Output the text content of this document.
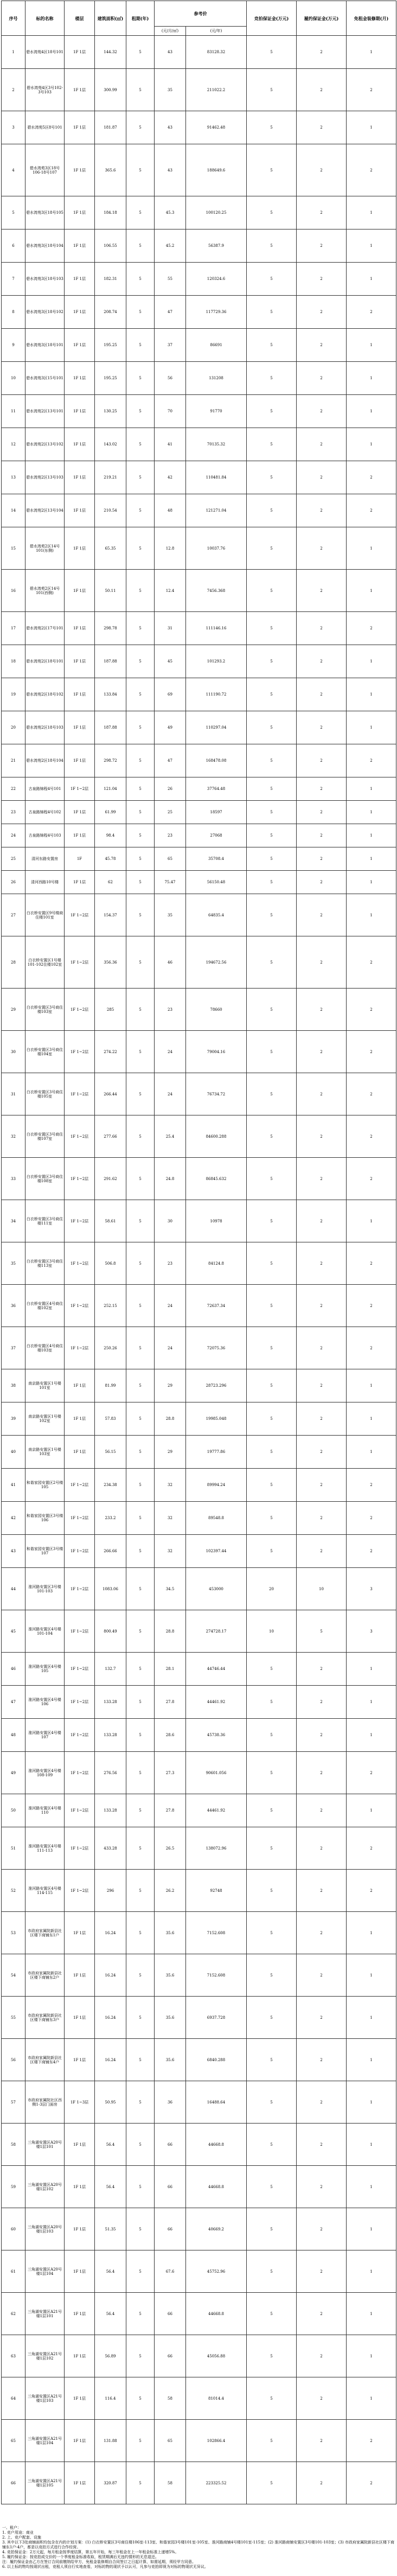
序号	标的名称	楼层	建筑面积(㎡)	租期(年)	参考价		竞拍保证金(万元)	履约保证金(万元)	免租金装修期(月)
					(元/月/㎡)	(元/年)			
1	碧水湾苑4区18号101	1F 1层	144.32	5	43	83128.32	5	2	1
2	碧水湾苑4区3号102-3号103	1F 1层	300.99	5	35	211022.2	5	2	2
3	碧水湾苑5区8号101	1F 1层	181.87	5	43	91462.48	5	2	1
4	碧水湾苑3区18号106-18号107	1F 1层	365.6	5	43	188649.6	5	2	2
5	碧水湾苑3区18号105	1F 1层	184.18	5	45.3	100120.25	5	2	1
6	碧水湾苑3区18号104	1F 1层	106.55	5	45.2	56387.9	5	2	1
7	碧水湾苑3区18号103	1F 1层	182.31	5	55	120324.6	5	2	1
8	碧水湾苑3区18号102	1F 1层	208.74	5	47	117729.36	5	2	2
9	碧水湾苑3区18号101	1F 1层	195.25	5	37	86691	5	2	1
10	碧水湾苑3区15号101	1F 1层	195.25	5	56	131208	5	2	1
11	碧水湾苑2区13号101	1F 1层	130.25	5	70	91770	5	2	1
12	碧水湾苑2区13号102	1F 1层	143.02	5	41	70135.32	5	2	1
13	碧水湾苑2区13号103	1F 1层	219.21	5	42	110481.84	5	2	2
14	碧水湾苑2区13号104	1F 1层	210.54	5	48	121271.04	5	2	2
15	碧水湾苑2区14号101(东侧)	1F 1层	65.35	5	12.8	10037.76	5	2	1
16	碧水湾苑2区14号101(西侧)	1F 1层	50.11	5	12.4	7456.368	5	2	1
17	碧水湾苑2区17号101	1F 1层	298.78	5	31	111146.16	5	2	2
18	碧水湾苑2区18号101	1F 1层	187.88	5	45	101293.2	5	2	1
19	碧水湾苑2区18号102	1F 1层	133.84	5	69	111190.72	5	2	1
20	碧水湾苑2区18号103	1F 1层	187.88	5	49	110297.04	5	2	1
21	碧水湾苑2区18号104	1F 1层	298.72	5	47	168478.08	5	2	2
22	古泉路锦程4号101	1F 1~2层	121.04	5	26	37764.48	5	2	1
23	古泉路锦程4号102	1F 1层	61.99	5	25	18597	5	2	1
24	古泉路锦程4号103	1F 1层	98.4	5	23	27068	5	2	1
25	清河东路安置房	1F	45.78	5	65	35708.4	5	2	1
26	清河西路10号楼	1F 1层	62	5	75.47	56150.48	5	2	1
27	白衣桥安置区9号楼商住楼101室	1F 1~2层	154.37	5	35	64835.4	5	2	1
28	白衣桥安置区1号楼101-102住楼102室	1F 1~2层	356.36	5	46	194672.56	5	2	2
29	白衣桥安置区3号商住楼103室	1F 1~2层	285	5	23	78660	5	2	2
30	白衣桥安置区3号商住楼104室	1F 1~2层	274.22	5	24	79004.16	5	2	2
31	白衣桥安置区3号商住楼105室	1F 1~2层	266.44	5	24	76734.72	5	2	2
32	白衣桥安置区3号商住楼107室	1F 1~2层	277.66	5	25.4	84600.288	5	2	2
33	白衣桥安置区3号商住楼108室	1F 1~2层	291.62	5	24.8	86845.632	5	2	2
34	白衣桥安置区3号商住楼111室	1F 1~2层	58.61	5	30	10978	5	2	1
35	白衣桥安置区3号商住楼113室	1F 1~2层	506.8	5	23	84124.8	5	2	2
36	白衣桥安置区4号商住楼102室	1F 1~2层	252.15	5	24	72637.34	5	2	2
37	白衣桥安置区4号商住楼103室	1F 1~2层	250.26	5	24	72075.36	5	2	2
38	南京路安置区1号楼101室	1F 1层	81.99	5	29	28723.296	5	2	1
39	南京路安置区1号楼102室	1F 1层	57.83	5	28.8	19985.048	5	2	1
40	南京路安置区1号楼103室	1F 1层	56.15	5	29	19777.86	5	2	1
41	和谐家园安置区2号楼105	1F 1~2层	234.38	5	32	89994.24	5	2	2
42	和谐家园安置区3号楼106	1F 1~2层	233.2	5	32	89548.8	5	2	2
43	和谐家园安置区3号楼107	1F 1~2层	266.66	5	32	102397.44	5	2	2
44	淮河路安置区3号楼101-103	1F 1~2层	1083.06	5	34.5	453000	20	10	3
45	淮河路安置区4号楼101-104	1F 1~2层	800.49	5	28.8	274728.17	10	5	3
46	淮河路安置区4号楼105	1F 1~2层	132.7	5	28.1	44746.44	5	2	1
47	淮河路安置区4号楼106	1F 1~2层	133.28	5	27.8	44461.92	5	2	1
48	淮河路安置区4号楼107	1F 1~2层	133.28	5	28.6	45738.36	5	2	1
49	淮河路安置区4号楼108-109	1F 1~2层	276.56	5	27.3	90601.056	5	2	2
50	淮河路安置区4号楼110	1F 1~2层	133.28	5	27.8	44461.92	5	2	1
51	淮河路安置区4号楼111-113	1F 1~2层	433.28	5	26.5	138072.96	5	2	2
52	淮河路安置区4号楼114-115	1F 1~2层	296	5	26.2	92748	5	2	2
53	市政府家属院新县社区楼下商铺东1户	1F 1层	16.24	5	35.6	7152.608	5	2	1
54	市政府家属院新县社区楼下商铺东2户	1F 1层	16.24	5	35.6	7152.608	5	2	1
55	市政府家属院新县社区楼下商铺东3户	1F 1层	16.24	5	35.6	6937.728	5	2	1
56	市政府家属院新县社区楼下商铺东4户	1F 1层	16.24	5	35.6	6840.288	5	2	1
57	市政府家属院社区西侧1-3层门面房	1F 1~3层	50.95	5	36	16488.64	5	2	1
58	三角湖安置区A20号楼1层101	1F 1层	56.4	5	66	44668.8	5	2	1
59	三角湖安置区A20号楼1层102	1F 1层	56.4	5	66	44668.8	5	2	1
60	三角湖安置区A20号楼1层103	1F 1层	51.35	5	66	40669.2	5	2	1
61	三角湖安置区A20号楼1层104	1F 1层	56.4	5	67.6	45752.96	5	2	1
62	三角湖安置区A21号楼1层101	1F 1层	56.4	5	66	44668.8	5	2	1
63	三角湖安置区A21号楼1层102	1F 1层	56.89	5	66	45056.88	5	2	1
64	三角湖安置区A21号楼1层103	1F 1层	116.4	5	58	81014.4	5	2	1
65	三角湖安置区A21号楼1层104	1F 1层	131.88	5	65	102866.4	5	2	2
66	三角湖安置区A21号楼1层105	1F 1层	320.87	5	58	223325.52	5	2	2
一、租户：
1. 竞户用途：商业
2. 上、竞户配套、设施
3. 其中以下3处商铺面积均包含在内的计划方案：(1) 白衣桥安置区3号商住楼106室-113室、和谐家园3号楼101室-105室、淮河路商铺4号楼101室-115室；(2) 淮河路商铺安置区3号楼101-103室；(3) 市政府家属院新县社区楼下商铺东1户-4户，都是以竞拍方式进行合作经营。
4. 竞拍保证金：2万元起，每月租金按季度结算，第五年开始，每三年租金在上一年租金标准上递增5%。
5. 履约保证金：按竞拍成交价的一个季度租金标准收取，租赁期满后无违约情形的无息退还。
注：履约保证金由乙方在签订合同前缴纳给甲方，免租金装修期自合同签订之日起计算，如需延期，须经甲方同意。
6. 以上标的物均按现状出租，竞租人须自行实地查看，对标的物的现状予以认可，凡参与竞拍即视为对标的物现状无异议。
